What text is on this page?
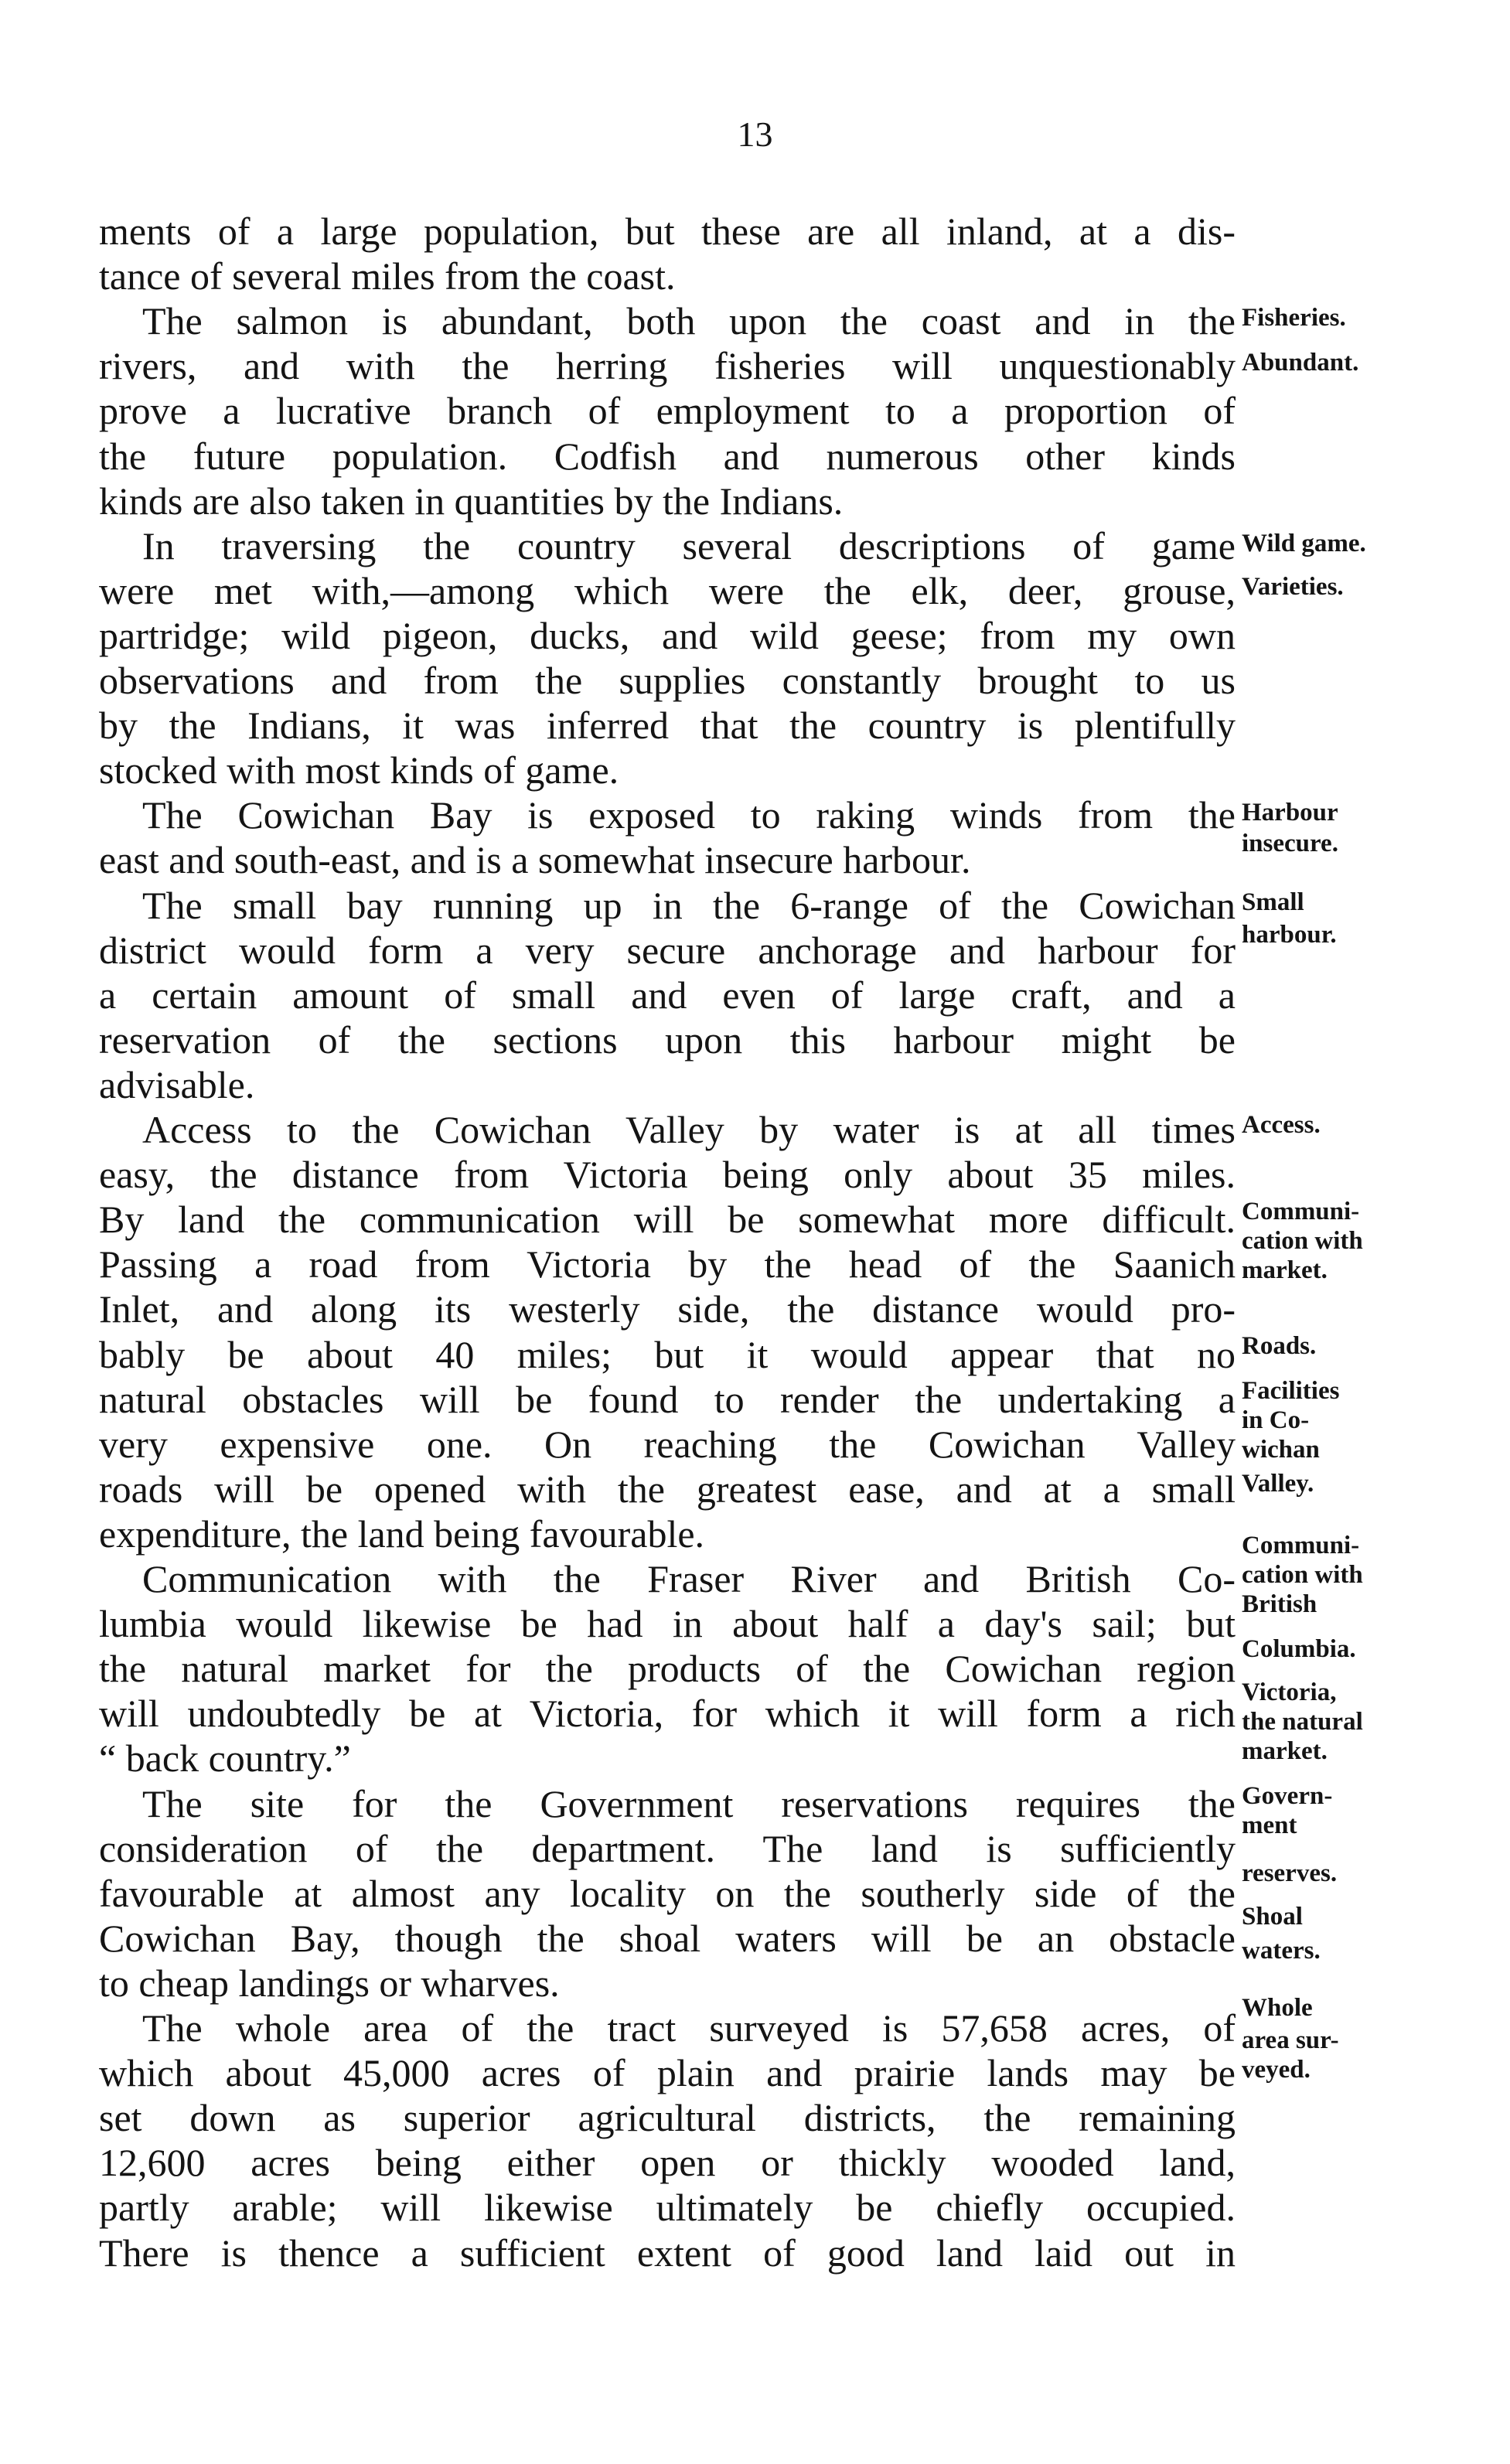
13
ments of a large population, but these are all inland, at a dis-
tance of several miles from the coast.
The salmon is abundant, both upon the coast and in the
rivers, and with the herring fisheries will unquestionably
prove a lucrative branch of employment to a proportion of
the future population. Codfish and numerous other kinds
kinds are also taken in quantities by the Indians.
In traversing the country several descriptions of game
were met with,—among which were the elk, deer, grouse,
partridge; wild pigeon, ducks, and wild geese; from my own
observations and from the supplies constantly brought to us
by the Indians, it was inferred that the country is plentifully
stocked with most kinds of game.
The Cowichan Bay is exposed to raking winds from the
east and south-east, and is a somewhat insecure harbour.
The small bay running up in the 6-range of the Cowichan
district would form a very secure anchorage and harbour for
a certain amount of small and even of large craft, and a
reservation of the sections upon this harbour might be
advisable.
Access to the Cowichan Valley by water is at all times
easy, the distance from Victoria being only about 35 miles.
By land the communication will be somewhat more difficult.
Passing a road from Victoria by the head of the Saanich
Inlet, and along its westerly side, the distance would pro-
bably be about 40 miles; but it would appear that no
natural obstacles will be found to render the undertaking a
very expensive one. On reaching the Cowichan Valley
roads will be opened with the greatest ease, and at a small
expenditure, the land being favourable.
Communication with the Fraser River and British Co-
lumbia would likewise be had in about half a day's sail; but
the natural market for the products of the Cowichan region
will undoubtedly be at Victoria, for which it will form a rich
“ back country.”
The site for the Government reservations requires the
consideration of the department. The land is sufficiently
favourable at almost any locality on the southerly side of the
Cowichan Bay, though the shoal waters will be an obstacle
to cheap landings or wharves.
The whole area of the tract surveyed is 57,658 acres, of
which about 45,000 acres of plain and prairie lands may be
set down as superior agricultural districts, the remaining
12,600 acres being either open or thickly wooded land,
partly arable; will likewise ultimately be chiefly occupied.
There is thence a sufficient extent of good land laid out in
Fisheries.
Abundant.
Wild game.
Varieties.
Harbour
insecure.
Small
harbour.
Access.
Communi-
cation with
market.
Roads.
Facilities
in Co-
wichan
Valley.
Communi-
cation with
British
Columbia.
Victoria,
the natural
market.
Govern-
ment
reserves.
Shoal
waters.
Whole
area sur-
veyed.
